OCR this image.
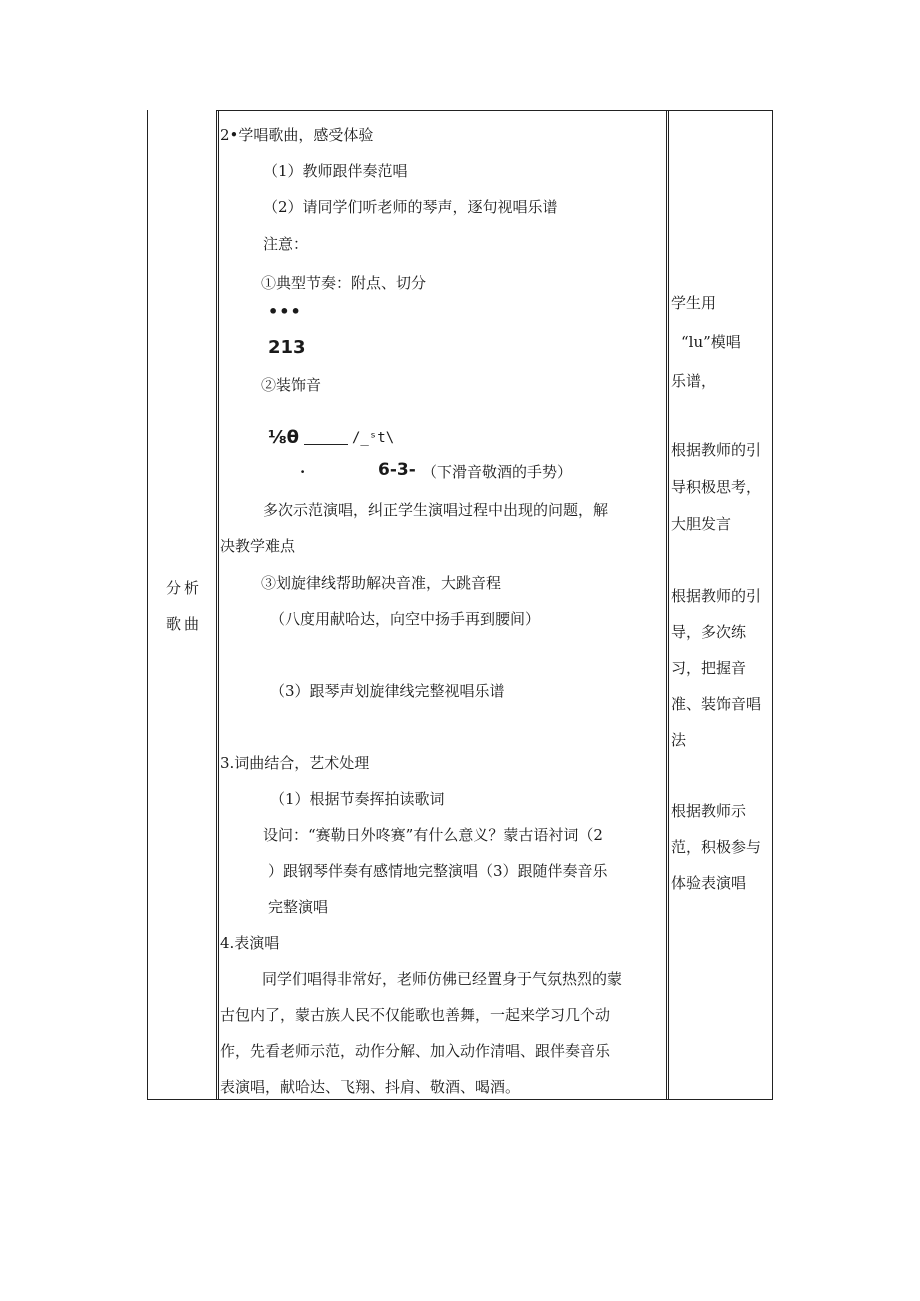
分析
歌曲
2•学唱歌曲，感受体验
（1）教师跟伴奏范唱
（2）请同学们听老师的琴声，逐句视唱乐谱
注意：
①典型节奏：附点、切分
•••
213
②装饰音
⅛θ	/_ˢt\
·	6-3- （下滑音敬酒的手势）
多次示范演唱，纠正学生演唱过程中出现的问题，解
决教学难点
③划旋律线帮助解决音准，大跳音程
（八度用献哈达，向空中扬手再到腰间）
（3）跟琴声划旋律线完整视唱乐谱
3.词曲结合，艺术处理
（1）根据节奏挥拍读歌词
设问：“赛勒日外咚赛”有什么意义？蒙古语衬词（2
）跟钢琴伴奏有感情地完整演唱（3）跟随伴奏音乐
完整演唱
4.表演唱
同学们唱得非常好，老师仿佛已经置身于气氛热烈的蒙
古包内了，蒙古族人民不仅能歌也善舞，一起来学习几个动
作，先看老师示范，动作分解、加入动作清唱、跟伴奏音乐
表演唱，献哈达、飞翔、抖肩、敬酒、喝酒。
学生用
“lu”模唱
乐谱，
根据教师的引
导积极思考，
大胆发言
根据教师的引
导，多次练
习，把握音
准、装饰音唱
法
根据教师示
范，积极参与
体验表演唱
